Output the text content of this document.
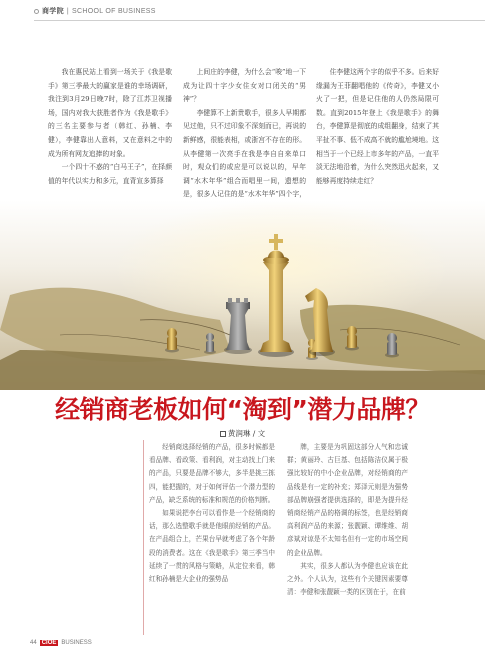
商学院 | SCHOOL OF BUSINESS

我在惠民站上看到一场关于《我是歌手》第三季最大的赢家是谁的幸场调研，我注到3月29日晚7时，除了江苏卫视播场，国内对我大获胜者作为《我是歌手》的三名主要参与者（韩红、孙楠、李健），李健靠出人意料，又在意料之中的成为所有网友追捧的对象。

一个四十不惑的“白马王子”，在择颜值的年代以实力和多元，直背宣多算择

上间庄的李健，为什么会“唆”地一下成为让四十字少女住女对口闭关的“男神”？

李健算不上新贵歌手，很多人早期都见过他，只不过印象不深刻而已，再说的新鲜感，很能表相，或浙宫不存在的形。从李健第一次亮手在我是李自自来单口时，观众们的或应是可以说以的，早年调“水木年华”组合而唱里一间，遗想的是，很多人记住的是“水木年华”四个字，

住李健这两个字的似乎不多。后来好缘漏为王菲翻唱他的《传奇》，李健又小火了一把，但是记住他的人仍然局限可数。直到2015年登上《我是歌手》的舞台，李健算是彻底的成组翻身，结束了其平扯不事、低不成高不就的尴尬境地。这相当于一个已经上市多年的产品，一直平淡无法地沿着，为什么突然迅火起来，又能够再度持续走红？

经销商老板如何“淘到”潜力品牌？
黄润琳 / 文

经销商选择经销的产品，很多时候都是看品牌、看政策、看利润，对主动找上门来的产品，只要是品牌不够大，多半是挑三拣四，能把握的，对于如何评估一个潜力型的产品，缺乏系统的标准和规范的价格判断。

如果说把李台可以看作是一个经销商的话，那么选整歌手就是他眼前经销的产品。在产品组合上，芒果台早就考虑了各个年龄段的消费者。这在《我是歌手》第三季当中延续了一贯的风格与策略，从定位来看，韩红和孙楠是大企业的强势品

牌，主要是为巩固这部分人气和忠诚群；黄丽玲、古巨基、包括陈洁仪属于极强比较好的中小企业品牌，对经销商的产品线是有一定的补充；郑泽元则是为强势部品牌崩强者提供选择的，即是为提升经销商经销产品的格调的标签，也是经销商高利润产品的来源；张靓颖、谭维维、胡彦斌对谅是不太知名但有一定的市场空间的企业品牌。

其实，很多人都认为李健也应该在此之外。个人认为，这些有个关键因素要尊清：李健和张靓颖一类的区别在于，在前

44 CIOE BUSINESS
